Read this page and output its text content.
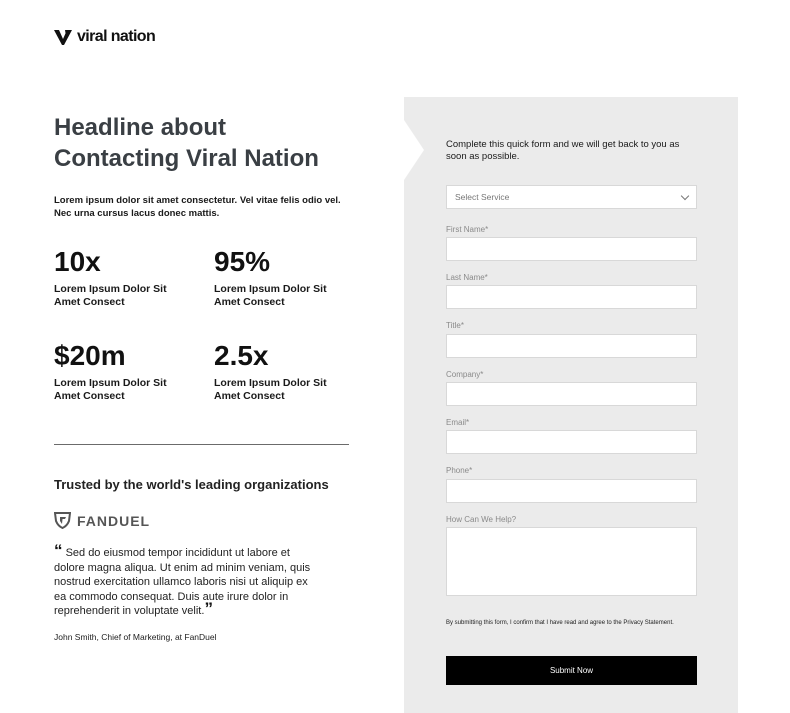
viral nation
Headline about
Contacting Viral Nation

Lorem ipsum dolor sit amet consectetur. Vel vitae felis odio vel. Nec urna cursus lacus donec mattis.

10x
Lorem Ipsum Dolor Sit
Amet Consect
95%
Lorem Ipsum Dolor Sit
Amet Consect
$20m
Lorem Ipsum Dolor Sit
Amet Consect
2.5x
Lorem Ipsum Dolor Sit
Amet Consect
Trusted by the world's leading organizations
FANDUEL

“ Sed do eiusmod tempor incididunt ut labore et dolore magna aliqua. Ut enim ad minim veniam, quis nostrud exercitation ullamco laboris nisi ut aliquip ex ea commodo consequat. Duis aute irure dolor in reprehenderit in voluptate velit.”

John Smith, Chief of Marketing, at FanDuel

Complete this quick form and we will get back to you as soon as possible.

Select Service
First Name*
Last Name*
Title*
Company*
Email*
Phone*
How Can We Help?

By submitting this form, I confirm that I have read and agree to the Privacy Statement.

Submit Now
